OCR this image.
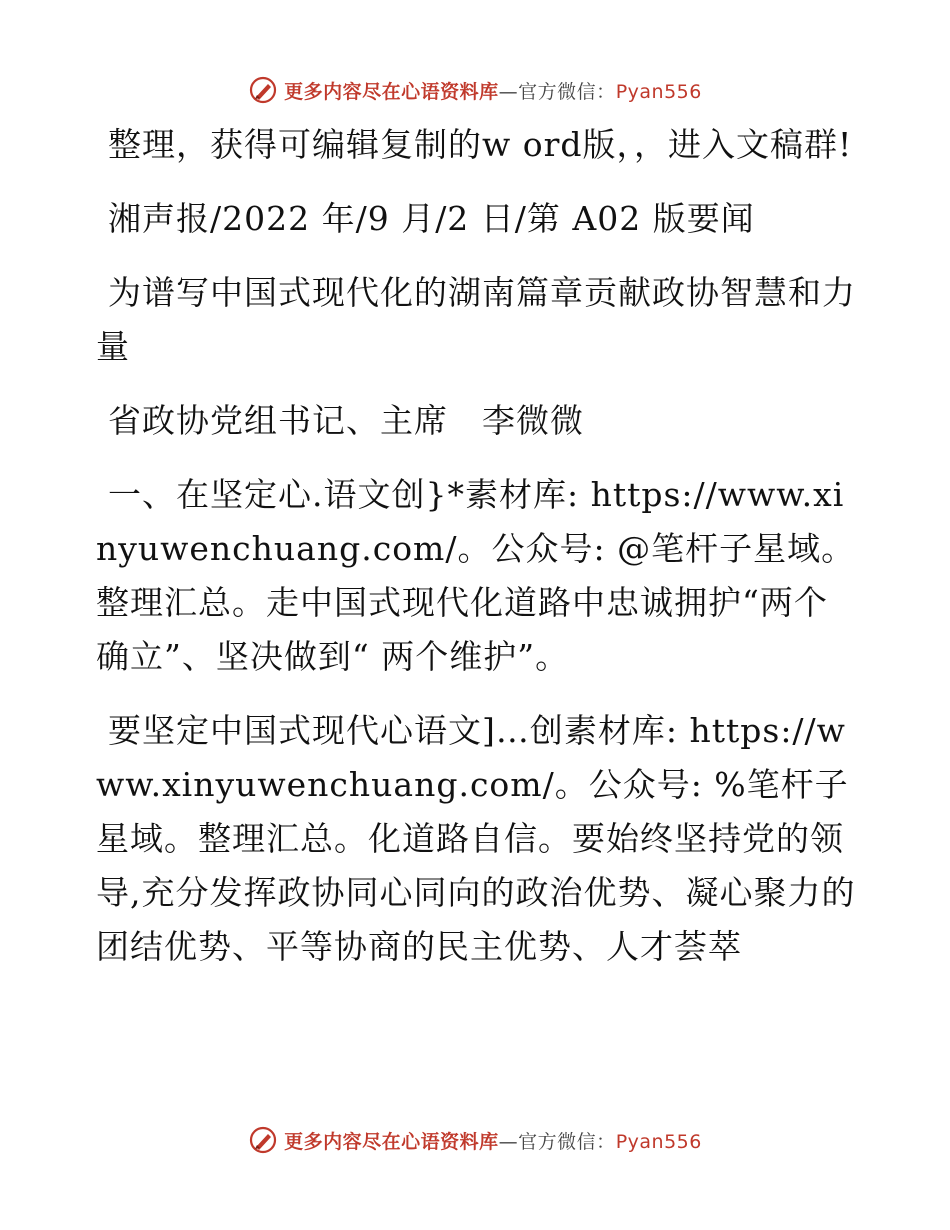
更多内容尽在心语资料库—官方微信：Pyan556

整理，获得可编辑复制的w ord版，，进入文稿群!

湘声报/2022 年/9 月/2 日/第 A02 版要闻

为谱写中国式现代化的湖南篇章贡献政协智慧和力量

省政协党组书记、主席　李微微

一、在坚定心.语文创}*素材库: https://www.xinyuwenchuang.com/。公众号: @笔杆子星域。整理汇总。走中国式现代化道路中忠诚拥护“两个确立”、坚决做到“ 两个维护”。

要坚定中国式现代心语文]…创素材库: https://www.xinyuwenchuang.com/。公众号: %笔杆子星域。整理汇总。化道路自信。要始终坚持党的领导,充分发挥政协同心同向的政治优势、凝心聚力的团结优势、平等协商的民主优势、人才荟萃

更多内容尽在心语资料库—官方微信：Pyan556
